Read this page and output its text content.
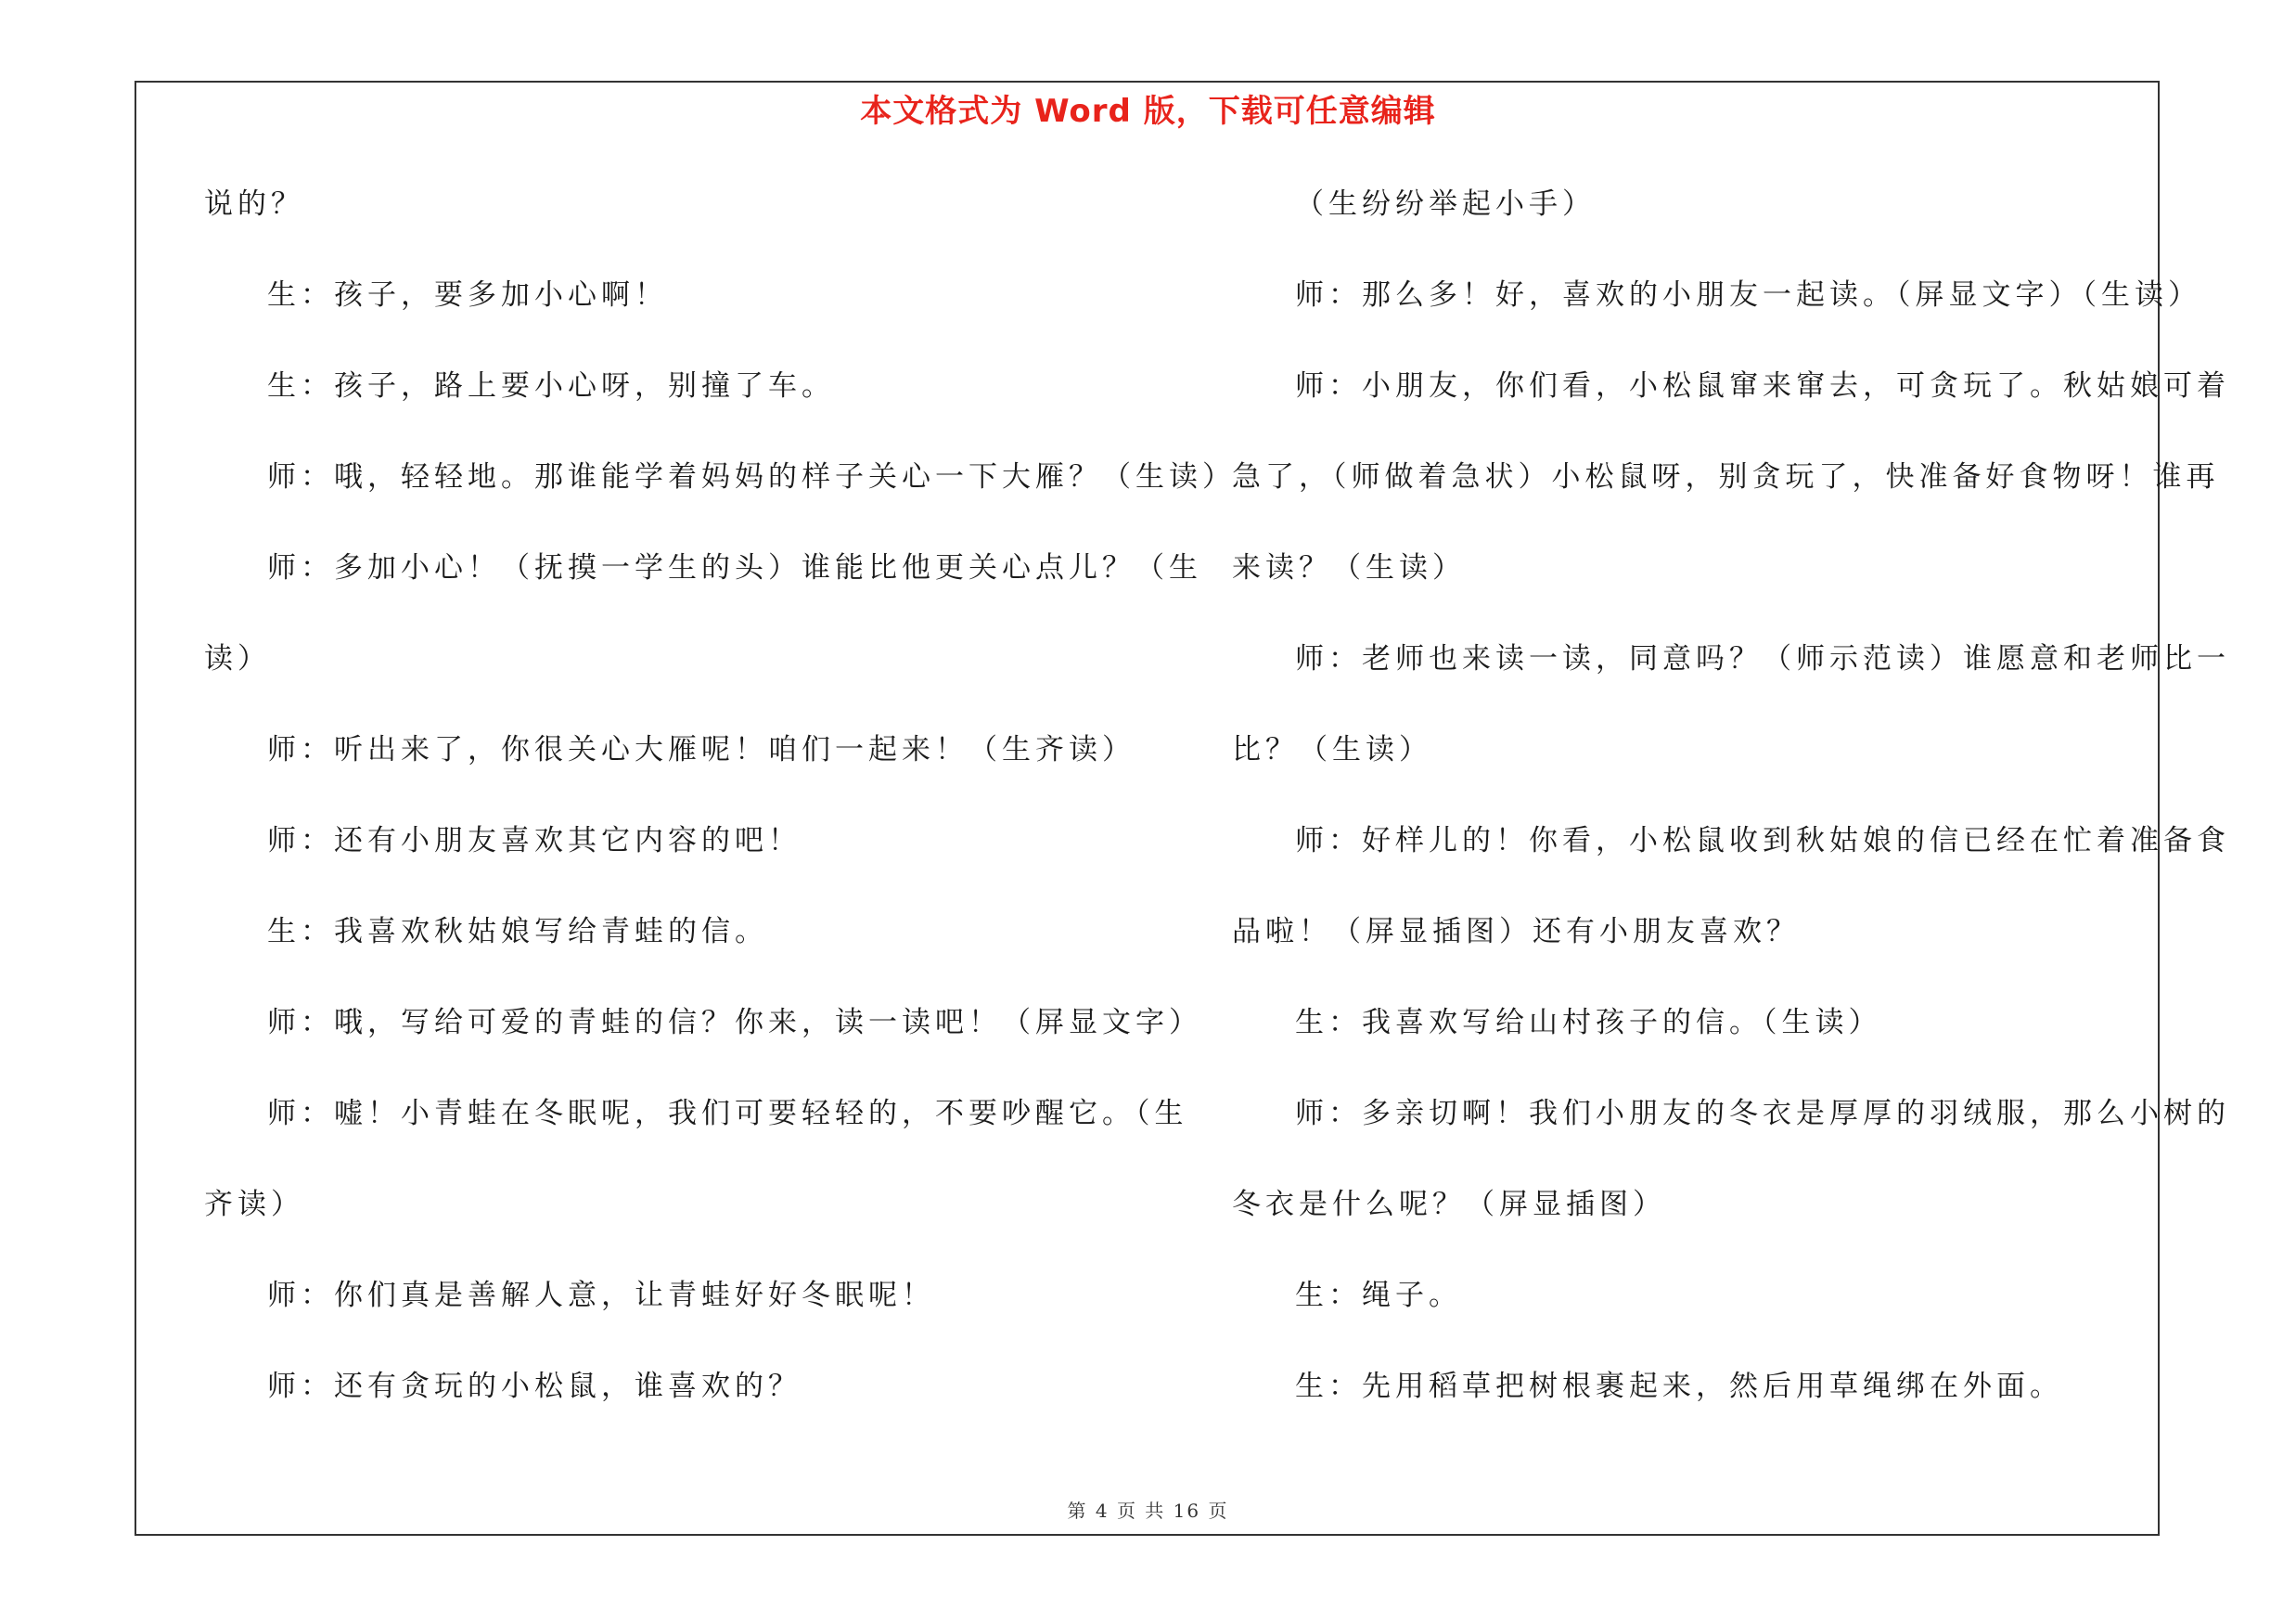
本文格式为 Word 版，下载可任意编辑
说的？
生：孩子，要多加小心啊！
生：孩子，路上要小心呀，别撞了车。
师：哦，轻轻地。那谁能学着妈妈的样子关心一下大雁？（生读）
师：多加小心！（抚摸一学生的头）谁能比他更关心点儿？（生
读）
师：听出来了，你很关心大雁呢！咱们一起来！（生齐读）
师：还有小朋友喜欢其它内容的吧！
生：我喜欢秋姑娘写给青蛙的信。
师：哦，写给可爱的青蛙的信？你来，读一读吧！（屏显文字）
师：嘘！小青蛙在冬眠呢，我们可要轻轻的，不要吵醒它。（生
齐读）
师：你们真是善解人意，让青蛙好好冬眠呢！
师：还有贪玩的小松鼠，谁喜欢的？
（生纷纷举起小手）
师：那么多！好，喜欢的小朋友一起读。（屏显文字）（生读）
师：小朋友，你们看，小松鼠窜来窜去，可贪玩了。秋姑娘可着
急了，（师做着急状）小松鼠呀，别贪玩了，快准备好食物呀！谁再
来读？（生读）
师：老师也来读一读，同意吗？（师示范读）谁愿意和老师比一
比？（生读）
师：好样儿的！你看，小松鼠收到秋姑娘的信已经在忙着准备食
品啦！（屏显插图）还有小朋友喜欢？
生：我喜欢写给山村孩子的信。（生读）
师：多亲切啊！我们小朋友的冬衣是厚厚的羽绒服，那么小树的
冬衣是什么呢？（屏显插图）
生：绳子。
生：先用稻草把树根裹起来，然后用草绳绑在外面。
第 4 页 共 16 页
